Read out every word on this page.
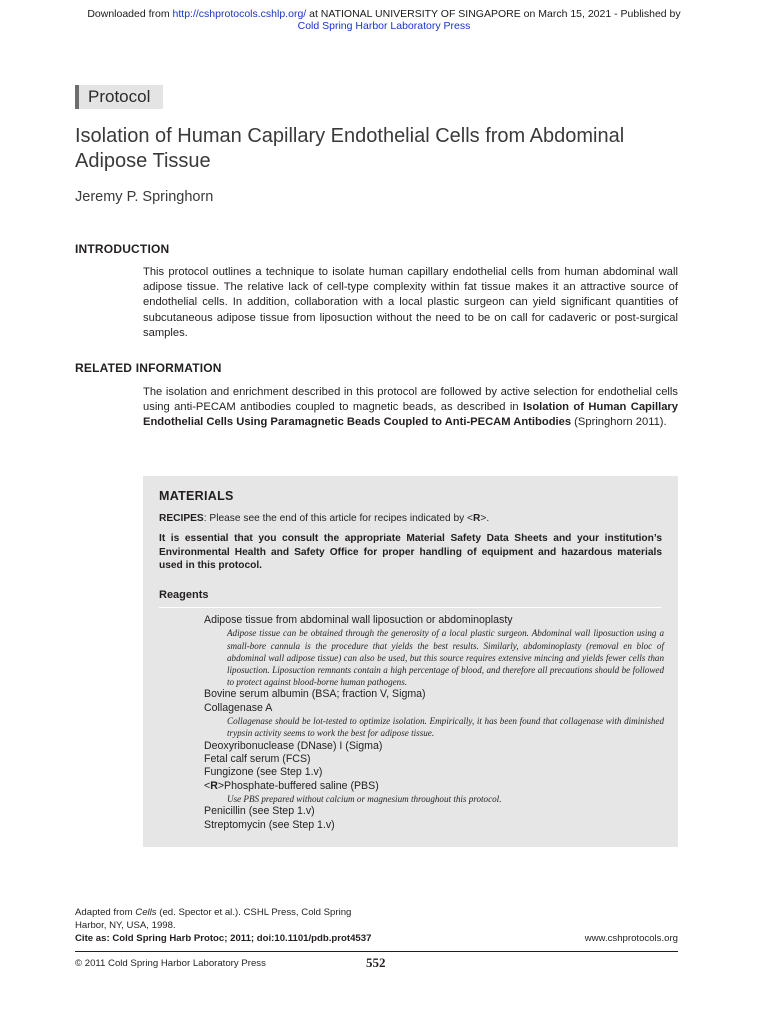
Downloaded from http://cshprotocols.cshlp.org/ at NATIONAL UNIVERSITY OF SINGAPORE on March 15, 2021 - Published by
Cold Spring Harbor Laboratory Press
Protocol
Isolation of Human Capillary Endothelial Cells from Abdominal Adipose Tissue
Jeremy P. Springhorn
INTRODUCTION
This protocol outlines a technique to isolate human capillary endothelial cells from human abdominal wall adipose tissue. The relative lack of cell-type complexity within fat tissue makes it an attractive source of endothelial cells. In addition, collaboration with a local plastic surgeon can yield significant quantities of subcutaneous adipose tissue from liposuction without the need to be on call for cadaveric or post-surgical samples.
RELATED INFORMATION
The isolation and enrichment described in this protocol are followed by active selection for endothelial cells using anti-PECAM antibodies coupled to magnetic beads, as described in Isolation of Human Capillary Endothelial Cells Using Paramagnetic Beads Coupled to Anti-PECAM Antibodies (Springhorn 2011).
MATERIALS
RECIPES: Please see the end of this article for recipes indicated by <R>.
It is essential that you consult the appropriate Material Safety Data Sheets and your institution’s Environmental Health and Safety Office for proper handling of equipment and hazardous materials used in this protocol.
Reagents
Adipose tissue from abdominal wall liposuction or abdominoplasty
Adipose tissue can be obtained through the generosity of a local plastic surgeon. Abdominal wall liposuction using a small-bore cannula is the procedure that yields the best results. Similarly, abdominoplasty (removal en bloc of abdominal wall adipose tissue) can also be used, but this source requires extensive mincing and yields fewer cells than liposuction. Liposuction remnants contain a high percentage of blood, and therefore all precautions should be followed to protect against blood-borne human pathogens.
Bovine serum albumin (BSA; fraction V, Sigma)
Collagenase A
Collagenase should be lot-tested to optimize isolation. Empirically, it has been found that collagenase with diminished trypsin activity seems to work the best for adipose tissue.
Deoxyribonuclease (DNase) I (Sigma)
Fetal calf serum (FCS)
Fungizone (see Step 1.v)
<R>Phosphate-buffered saline (PBS)
Use PBS prepared without calcium or magnesium throughout this protocol.
Penicillin (see Step 1.v)
Streptomycin (see Step 1.v)
Adapted from Cells (ed. Spector et al.). CSHL Press, Cold Spring Harbor, NY, USA, 1998.
Cite as: Cold Spring Harb Protoc; 2011; doi:10.1101/pdb.prot4537	www.cshprotocols.org
© 2011 Cold Spring Harbor Laboratory Press	552
